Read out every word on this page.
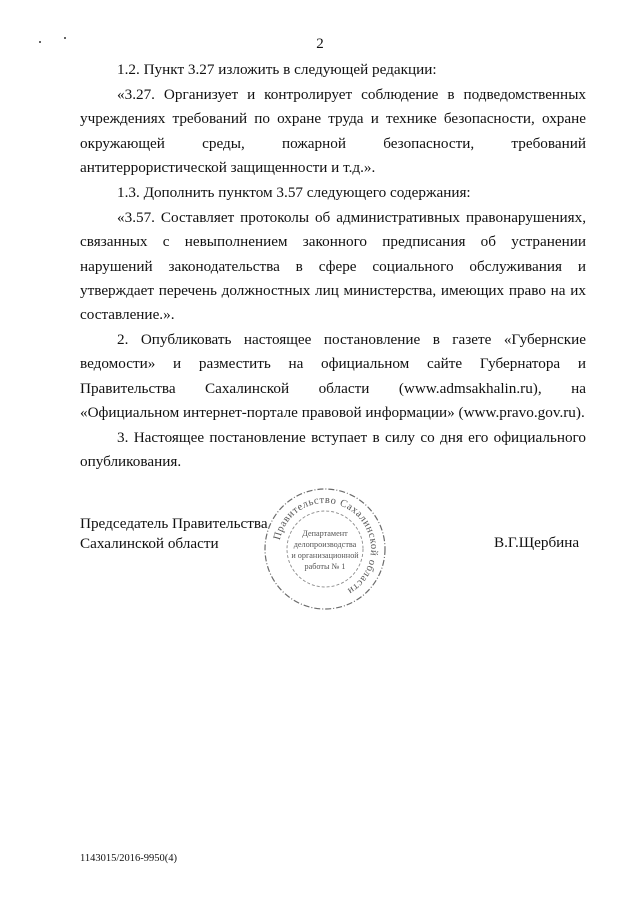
2

1.2. Пункт 3.27 изложить в следующей редакции:

«3.27. Организует и контролирует соблюдение в подведомственных учреждениях требований по охране труда и технике безопасности, охране окружающей среды, пожарной безопасности, требований антитеррористической защищенности и т.д.».

1.3. Дополнить пунктом 3.57 следующего содержания:

«3.57. Составляет протоколы об административных правонарушениях, связанных с невыполнением законного предписания об устранении нарушений законодательства в сфере социального обслуживания и утверждает перечень должностных лиц министерства, имеющих право на их составление.».

2. Опубликовать настоящее постановление в газете «Губернские ведомости» и разместить на официальном сайте Губернатора и Правительства Сахалинской области (www.admsakhalin.ru), на «Официальном интернет-портале правовой информации» (www.pravo.gov.ru).

3. Настоящее постановление вступает в силу со дня его официального опубликования.

Председатель Правительства
Сахалинской области	Правительство Сахалинской области
Департамент
делопроизводства
и организационной
работы № 1
В.Г.Щербина
1143015/2016-9950(4)
